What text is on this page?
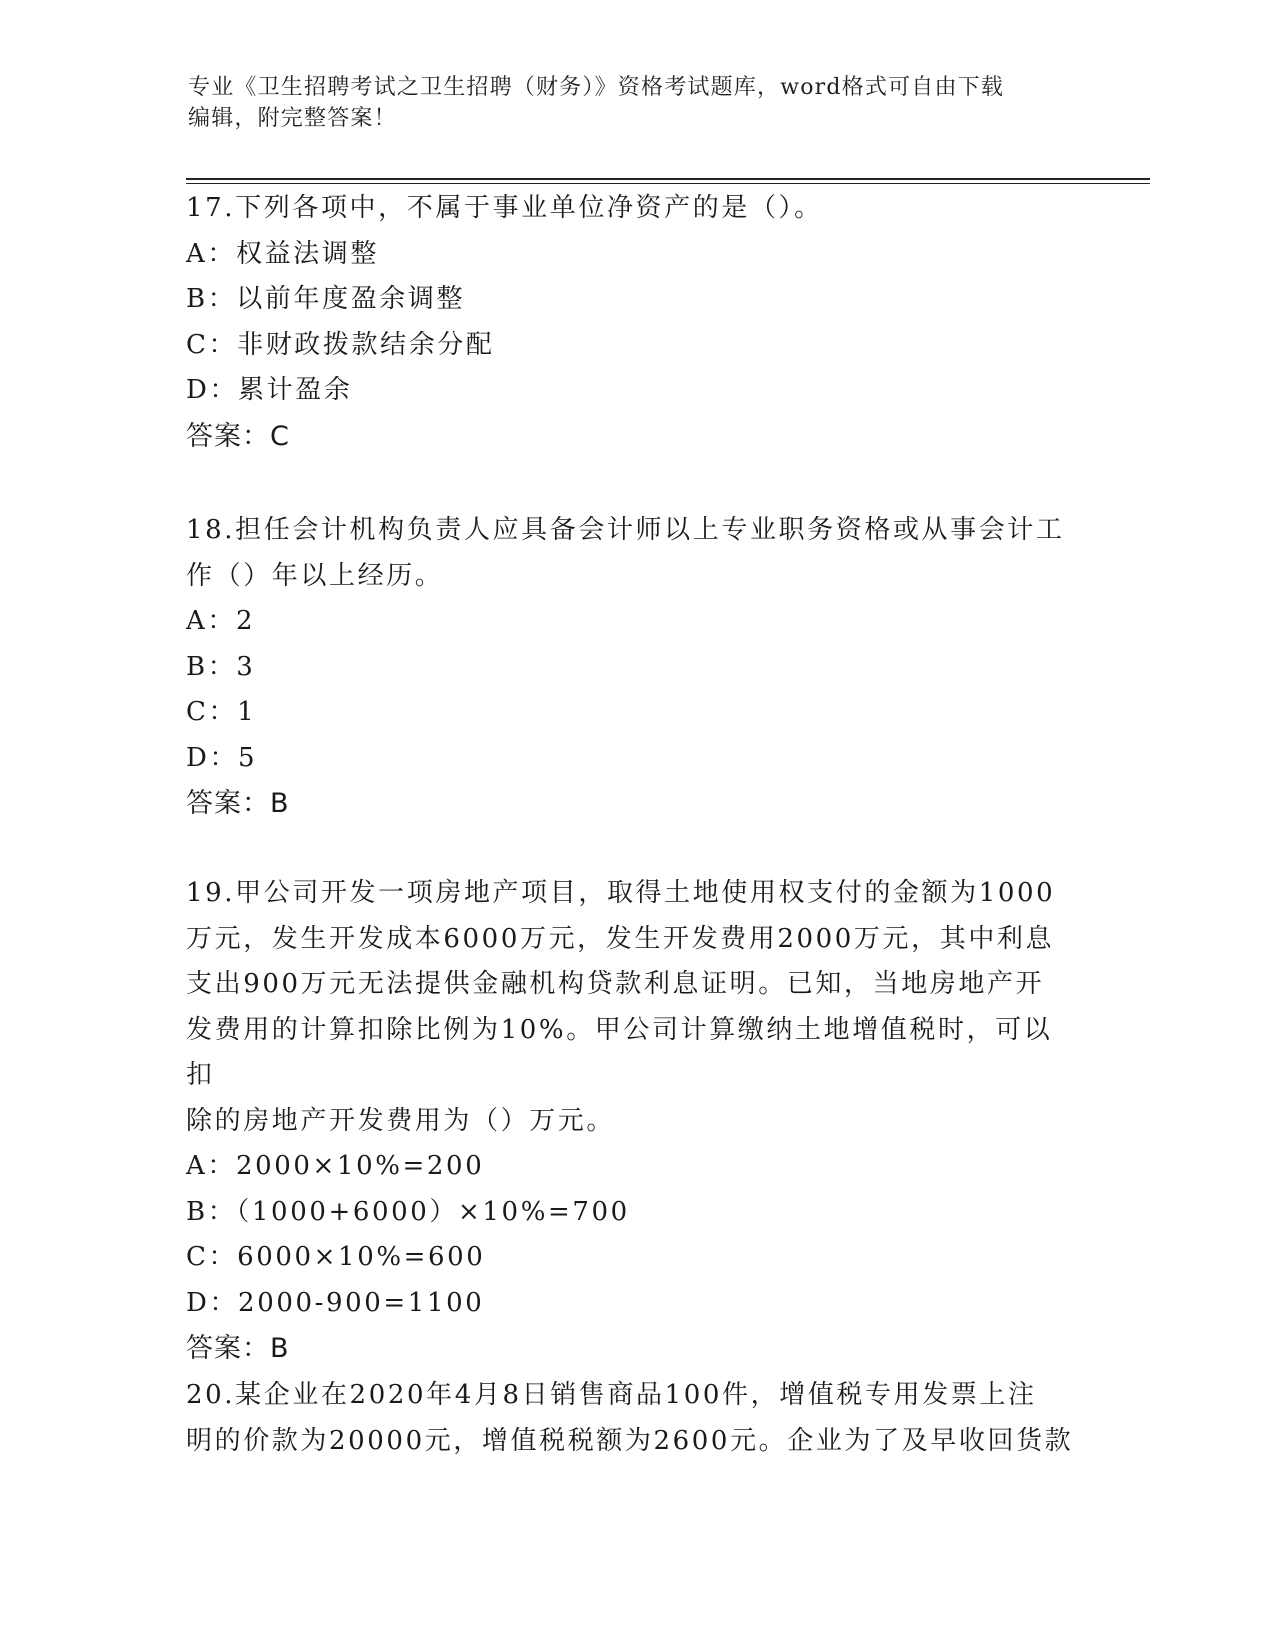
专业《卫生招聘考试之卫生招聘（财务）》资格考试题库，word格式可自由下载
编辑，附完整答案！

17.下列各项中，不属于事业单位净资产的是（）。

A：权益法调整

B：以前年度盈余调整

C：非财政拨款结余分配

D：累计盈余

答案：C

18.担任会计机构负责人应具备会计师以上专业职务资格或从事会计工

作（）年以上经历。

A：2

B：3

C：1

D：5

答案：B

19.甲公司开发一项房地产项目，取得土地使用权支付的金额为1000

万元，发生开发成本6000万元，发生开发费用2000万元，其中利息

支出900万元无法提供金融机构贷款利息证明。已知，当地房地产开

发费用的计算扣除比例为10%。甲公司计算缴纳土地增值税时，可以扣

除的房地产开发费用为（）万元。

A：2000×10%=200

B：（1000+6000）×10%=700

C：6000×10%=600

D：2000-900=1100

答案：B

20.某企业在2020年4月8日销售商品100件，增值税专用发票上注

明的价款为20000元，增值税税额为2600元。企业为了及早收回货款
